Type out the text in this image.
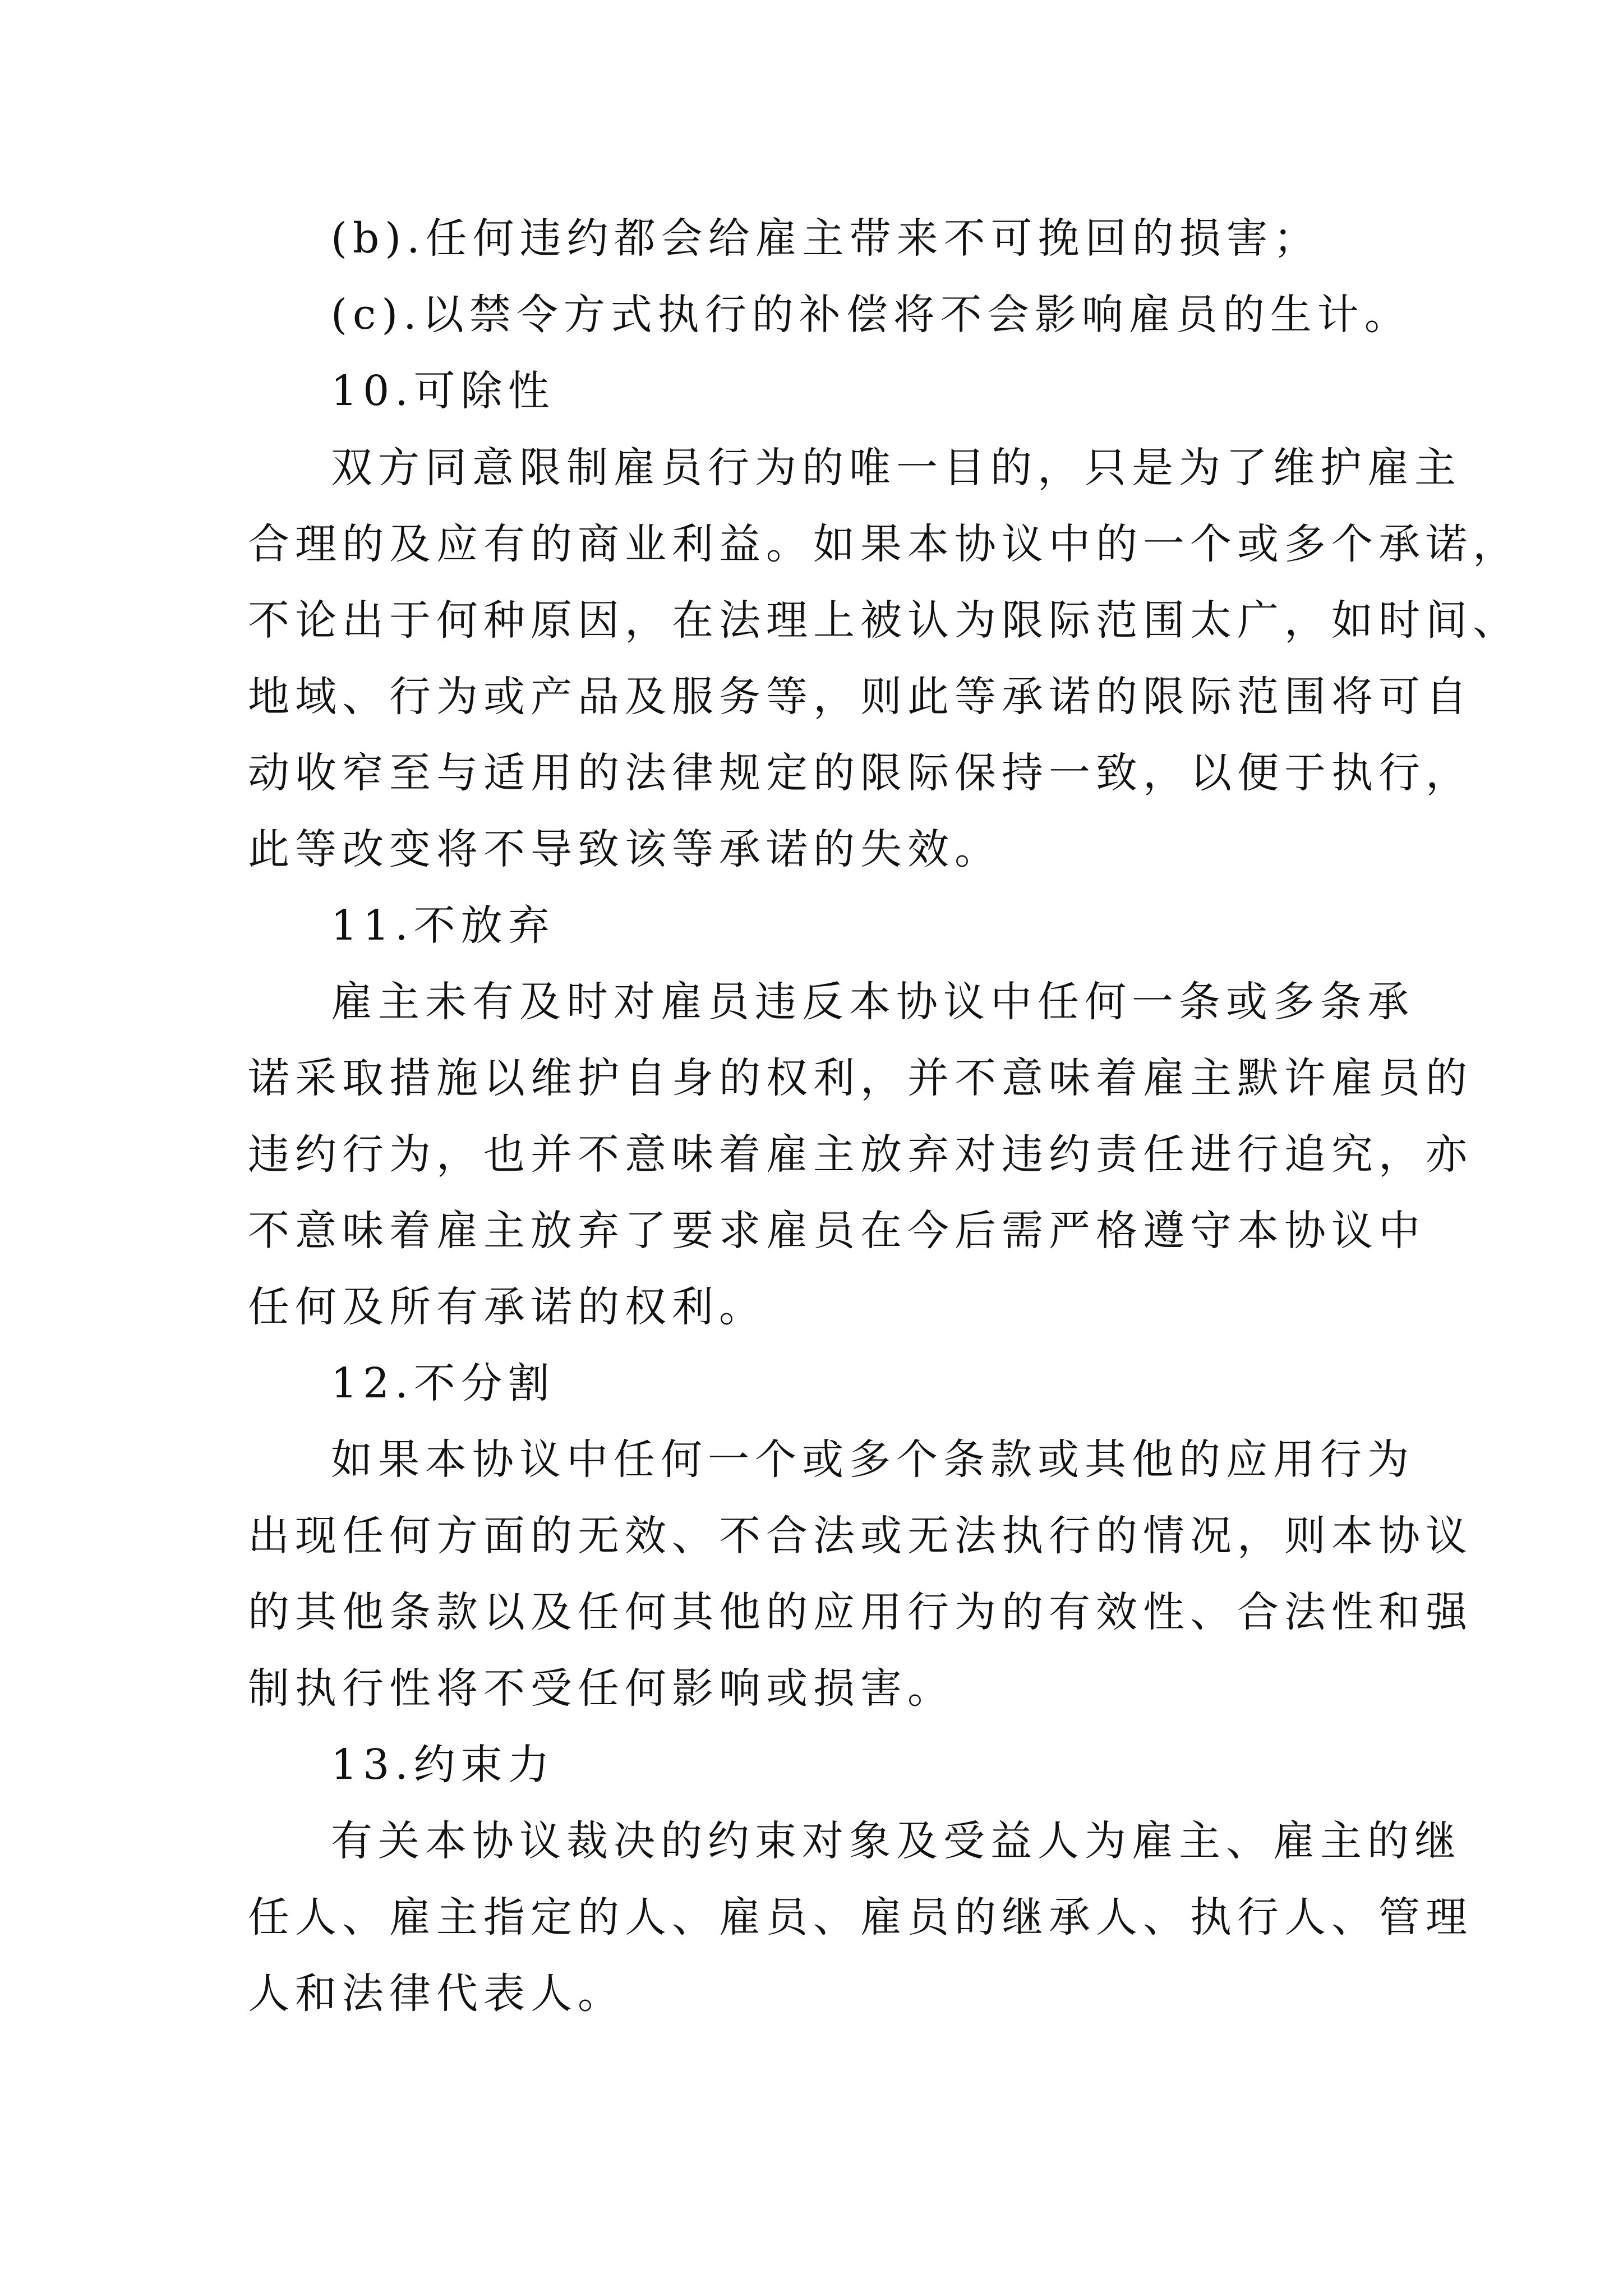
(b).任何违约都会给雇主带来不可挽回的损害；
(c).以禁令方式执行的补偿将不会影响雇员的生计。
10.可除性
双方同意限制雇员行为的唯一目的，只是为了维护雇主
合理的及应有的商业利益。如果本协议中的一个或多个承诺，
不论出于何种原因，在法理上被认为限际范围太广，如时间、
地域、行为或产品及服务等，则此等承诺的限际范围将可自
动收窄至与适用的法律规定的限际保持一致，以便于执行，
此等改变将不导致该等承诺的失效。
11.不放弃
雇主未有及时对雇员违反本协议中任何一条或多条承
诺采取措施以维护自身的权利，并不意味着雇主默许雇员的
违约行为，也并不意味着雇主放弃对违约责任进行追究，亦
不意味着雇主放弃了要求雇员在今后需严格遵守本协议中
任何及所有承诺的权利。
12.不分割
如果本协议中任何一个或多个条款或其他的应用行为
出现任何方面的无效、不合法或无法执行的情况，则本协议
的其他条款以及任何其他的应用行为的有效性、合法性和强
制执行性将不受任何影响或损害。
13.约束力
有关本协议裁决的约束对象及受益人为雇主、雇主的继
任人、雇主指定的人、雇员、雇员的继承人、执行人、管理
人和法律代表人。
